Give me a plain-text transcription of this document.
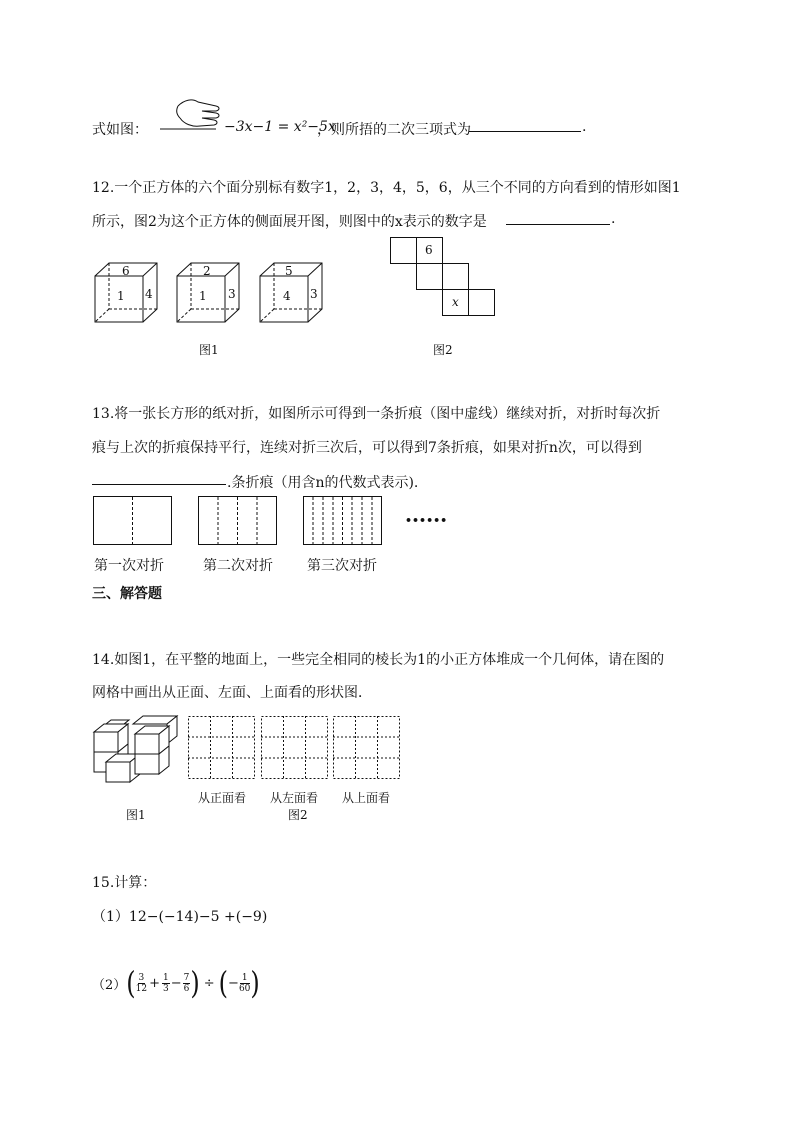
式如图：	−3x−1 = x²−5x
，则所捂的二次三项式为	.
12.一个正方体的六个面分别标有数字1，2，3，4，5，6，从三个不同的方向看到的情形如图1
所示，图2为这个正方体的侧面展开图，则图中的x表示的数字是	.
6
1 4
2
1 3
5
4 3
图1
6
x
图2
13.将一张长方形的纸对折，如图所示可得到一条折痕（图中虚线）继续对折，对折时每次折
痕与上次的折痕保持平行，连续对折三次后，可以得到7条折痕，如果对折n次，可以得到
.条折痕（用含n的代数式表示).
••••••
第一次对折	第二次对折 第三次对折
三、解答题
14.如图1，在平整的地面上，一些完全相同的棱长为1的小正方体堆成一个几何体，请在图的
网格中画出从正面、左面、上面看的形状图．
图1
从正面看 从左面看 从上面看
图2
15.计算：
（1）12−(−14)−5 +(−9)
（2） ( 3
$12 + \frac{1}{3} - \frac{7}{6}$ ) ÷ ( − $\frac{1}{60}$ )
